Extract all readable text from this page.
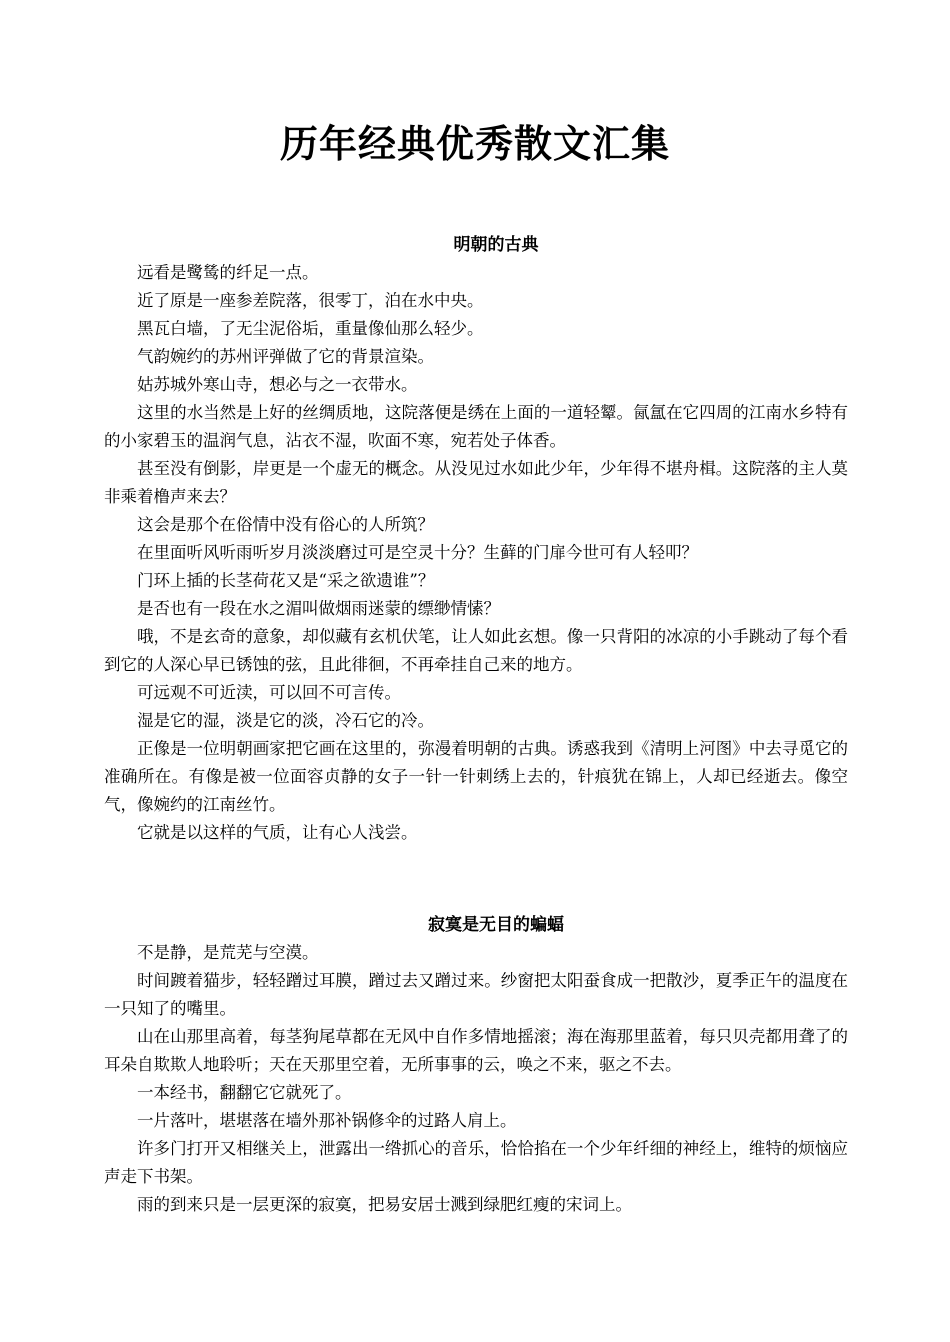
历年经典优秀散文汇集
明朝的古典

远看是鹭鸶的纤足一点。

近了原是一座参差院落，很零丁，泊在水中央。

黑瓦白墙，了无尘泥俗垢，重量像仙那么轻少。

气韵婉约的苏州评弹做了它的背景渲染。

姑苏城外寒山寺，想必与之一衣带水。

这里的水当然是上好的丝绸质地，这院落便是绣在上面的一道轻颦。氤氲在它四周的江南水乡特有的小家碧玉的温润气息，沾衣不湿，吹面不寒，宛若处子体香。

甚至没有倒影，岸更是一个虚无的概念。从没见过水如此少年，少年得不堪舟楫。这院落的主人莫非乘着橹声来去？

这会是那个在俗情中没有俗心的人所筑？

在里面听风听雨听岁月淡淡磨过可是空灵十分？生藓的门扉今世可有人轻叩？

门环上插的长茎荷花又是“采之欲遗谁”？

是否也有一段在水之湄叫做烟雨迷蒙的缥缈情愫？

哦，不是玄奇的意象，却似藏有玄机伏笔，让人如此玄想。像一只背阳的冰凉的小手跳动了每个看到它的人深心早已锈蚀的弦，且此徘徊，不再牵挂自己来的地方。

可远观不可近渎，可以回不可言传。

湿是它的湿，淡是它的淡，冷石它的冷。

正像是一位明朝画家把它画在这里的，弥漫着明朝的古典。诱惑我到《清明上河图》中去寻觅它的准确所在。有像是被一位面容贞静的女子一针一针刺绣上去的，针痕犹在锦上，人却已经逝去。像空气，像婉约的江南丝竹。

它就是以这样的气质，让有心人浅尝。

寂寞是无目的蝙蝠

不是静，是荒芜与空漠。

时间踱着猫步，轻轻蹭过耳膜，蹭过去又蹭过来。纱窗把太阳蚕食成一把散沙，夏季正午的温度在一只知了的嘴里。

山在山那里高着，每茎狗尾草都在无风中自作多情地摇滚；海在海那里蓝着，每只贝壳都用聋了的耳朵自欺欺人地聆听；天在天那里空着，无所事事的云，唤之不来，驱之不去。

一本经书，翻翻它它就死了。

一片落叶，堪堪落在墙外那补锅修伞的过路人肩上。

许多门打开又相继关上，泄露出一绺抓心的音乐，恰恰掐在一个少年纤细的神经上，维特的烦恼应声走下书架。

雨的到来只是一层更深的寂寞，把易安居士溅到绿肥红瘦的宋词上。
